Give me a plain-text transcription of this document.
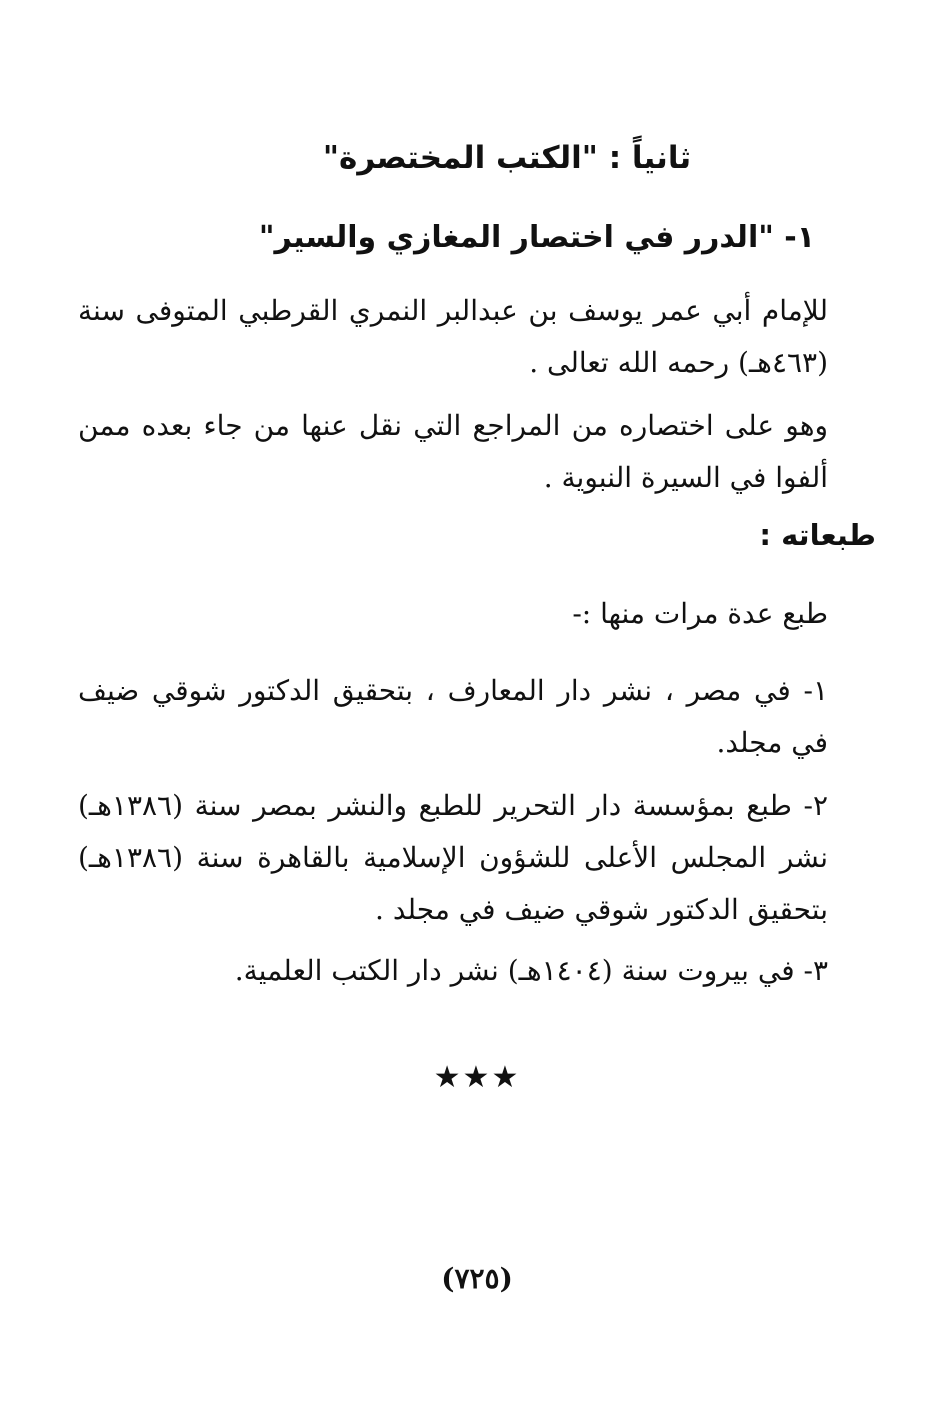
ثانياً : "الكتب المختصرة"
١- "الدرر في اختصار المغازي والسير"
للإمام أبي عمر يوسف بن عبدالبر النمري القرطبي المتوفى سنة (٤٦٣هـ) رحمه الله تعالى .
وهو على اختصاره من المراجع التي نقل عنها من جاء بعده ممن ألفوا في السيرة النبوية .
طبعاته :
طبع عدة مرات منها :-
١- في مصر ، نشر دار المعارف ، بتحقيق الدكتور شوقي ضيف في مجلد.
٢- طبع بمؤسسة دار التحرير للطبع والنشر بمصر سنة (١٣٨٦هـ) نشر المجلس الأعلى للشؤون الإسلامية بالقاهرة سنة (١٣٨٦هـ) بتحقيق الدكتور شوقي ضيف في مجلد .
٣- في بيروت سنة (١٤٠٤هـ) نشر دار الكتب العلمية.
★★★
(٧٢٥)
